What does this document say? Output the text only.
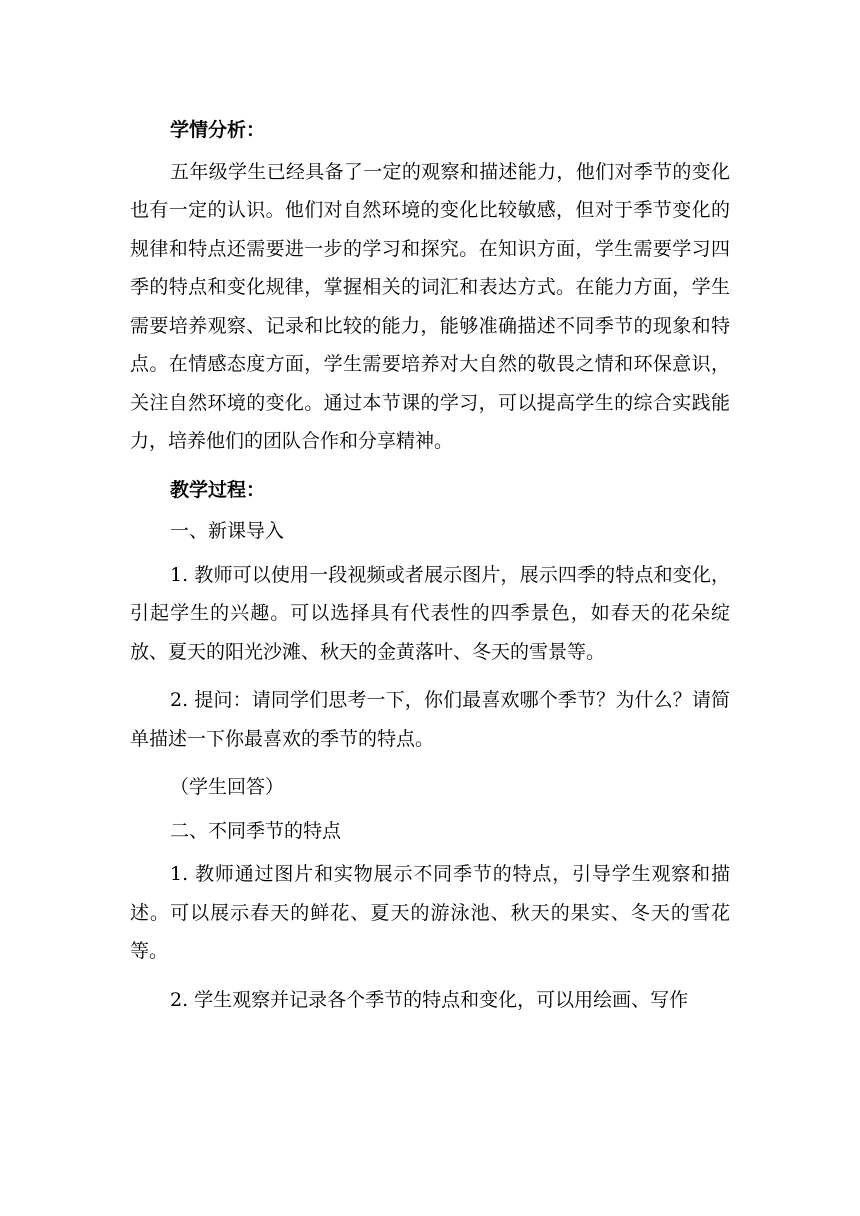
学情分析：
五年级学生已经具备了一定的观察和描述能力，他们对季节的变化也有一定的认识。他们对自然环境的变化比较敏感，但对于季节变化的规律和特点还需要进一步的学习和探究。在知识方面，学生需要学习四季的特点和变化规律，掌握相关的词汇和表达方式。在能力方面，学生需要培养观察、记录和比较的能力，能够准确描述不同季节的现象和特点。在情感态度方面，学生需要培养对大自然的敬畏之情和环保意识，关注自然环境的变化。通过本节课的学习，可以提高学生的综合实践能力，培养他们的团队合作和分享精神。
教学过程：
一、新课导入
1. 教师可以使用一段视频或者展示图片，展示四季的特点和变化，引起学生的兴趣。可以选择具有代表性的四季景色，如春天的花朵绽放、夏天的阳光沙滩、秋天的金黄落叶、冬天的雪景等。
2. 提问：请同学们思考一下，你们最喜欢哪个季节？为什么？请简单描述一下你最喜欢的季节的特点。
（学生回答）
二、不同季节的特点
1. 教师通过图片和实物展示不同季节的特点，引导学生观察和描述。可以展示春天的鲜花、夏天的游泳池、秋天的果实、冬天的雪花等。
2. 学生观察并记录各个季节的特点和变化，可以用绘画、写作
